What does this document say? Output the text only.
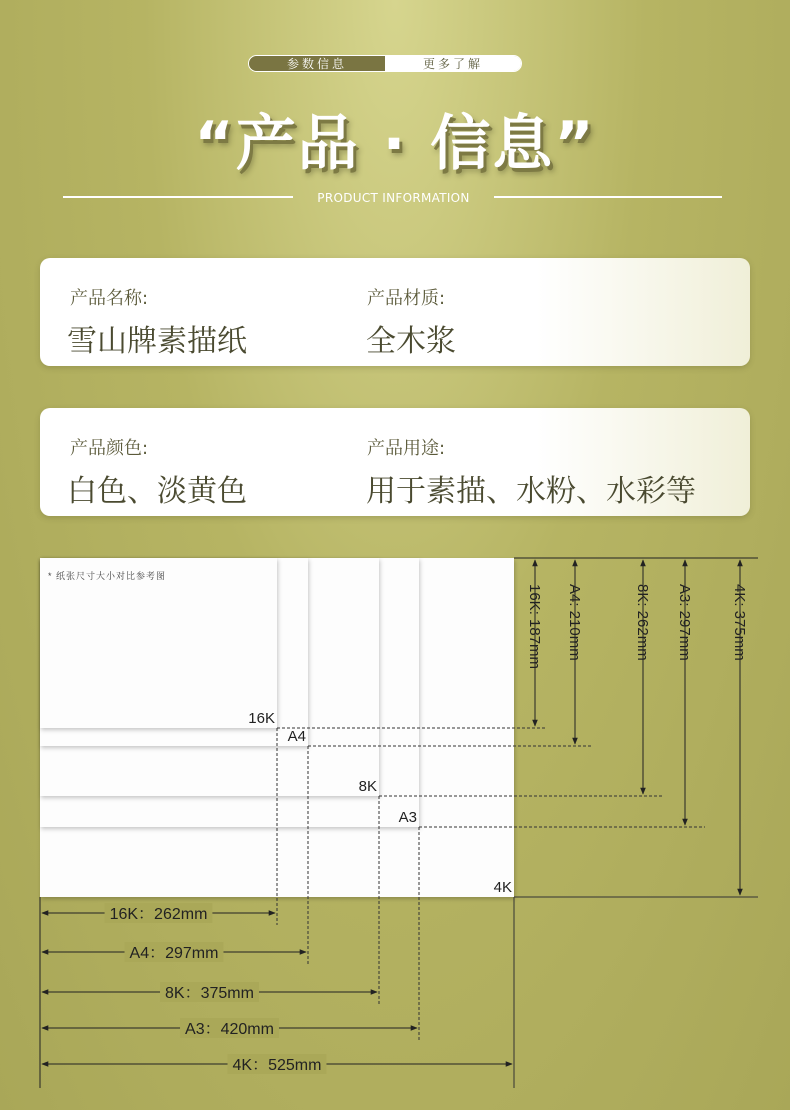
参数信息	更多了解
“产品 · 信息”
PRODUCT INFORMATION
产品名称:
雪山牌素描纸
产品材质:
全木浆
产品颜色:
白色、淡黄色
产品用途:
用于素描、水粉、水彩等
16K
16K: 187mm
16K：262mm
A4
A4: 210mm
A4：297mm
8K
8K: 262mm
8K：375mm
A3
A3: 297mm
A3：420mm
4K
4K: 375mm
4K：525mm
* 纸张尺寸大小对比参考图
